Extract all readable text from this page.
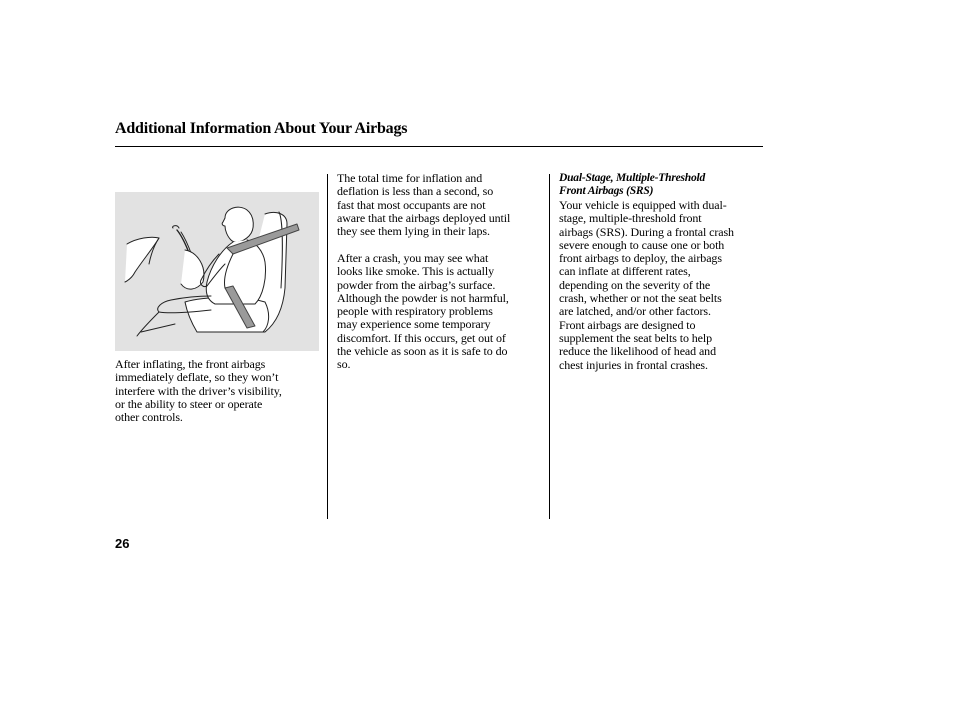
Additional Information About Your Airbags
After inflating, the front airbags
immediately deflate, so they won’t
interfere with the driver’s visibility,
or the ability to steer or operate
other controls.
The total time for inflation and
deflation is less than a second, so
fast that most occupants are not
aware that the airbags deployed until
they see them lying in their laps.
After a crash, you may see what
looks like smoke. This is actually
powder from the airbag’s surface.
Although the powder is not harmful,
people with respiratory problems
may experience some temporary
discomfort. If this occurs, get out of
the vehicle as soon as it is safe to do
so.
Dual-Stage, Multiple-Threshold
Front Airbags (SRS)
Your vehicle is equipped with dual-
stage, multiple-threshold front
airbags (SRS). During a frontal crash
severe enough to cause one or both
front airbags to deploy, the airbags
can inflate at different rates,
depending on the severity of the
crash, whether or not the seat belts
are latched, and/or other factors.
Front airbags are designed to
supplement the seat belts to help
reduce the likelihood of head and
chest injuries in frontal crashes.
26
